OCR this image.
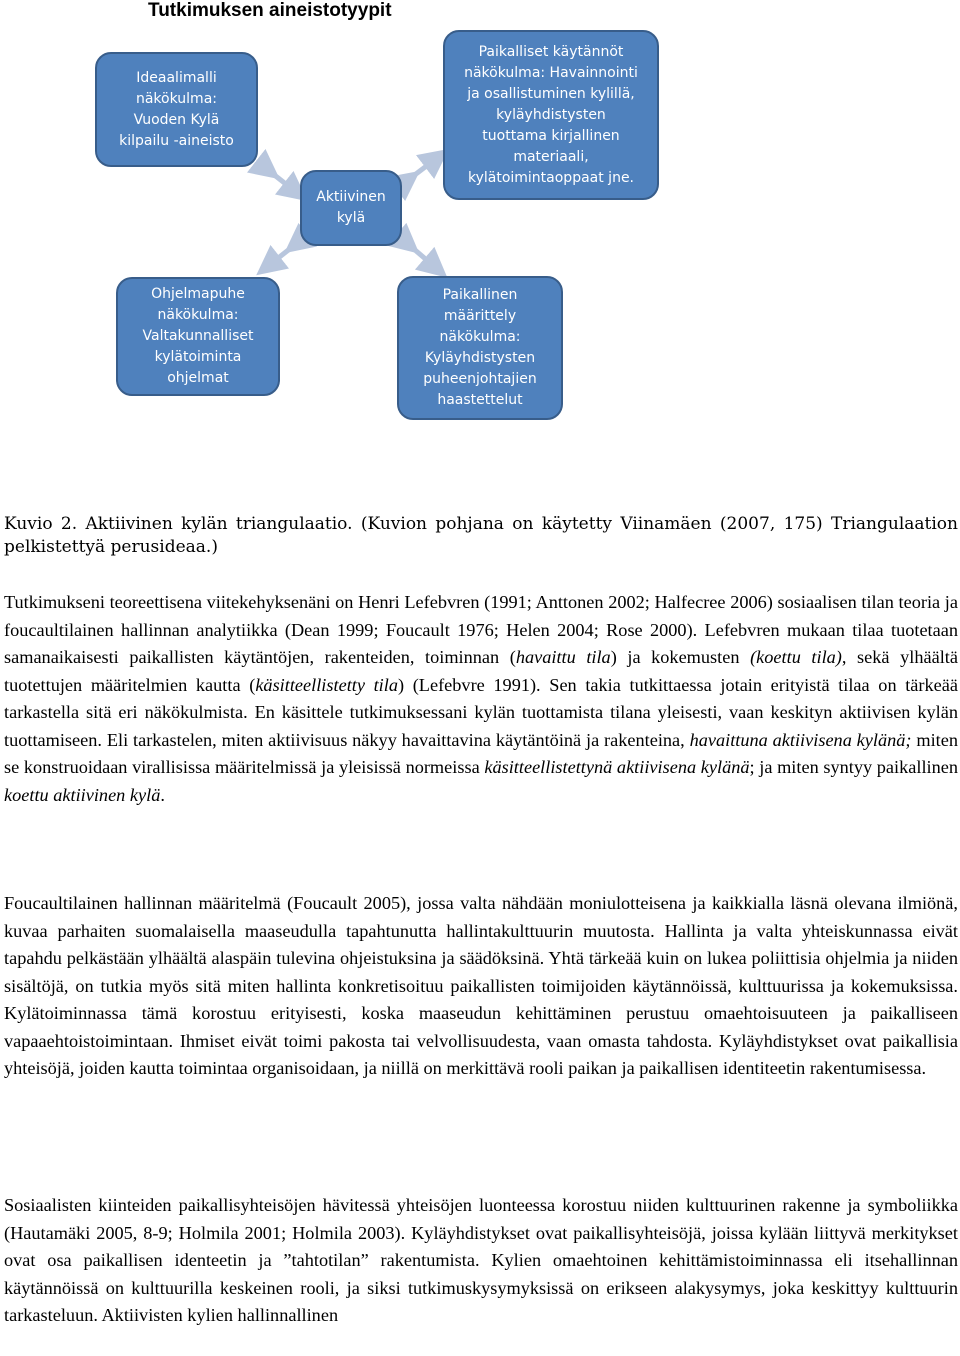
Tutkimuksen aineistotyypit
Ideaalimalli
näkökulma:
Vuoden Kylä
kilpailu -aineisto
Aktiivinen
kylä
Paikalliset käytännöt
näkökulma: Havainnointi
ja osallistuminen kylillä,
kyläyhdistysten
tuottama kirjallinen
materiaali,
kylätoimintaoppaat jne.
Ohjelmapuhe
näkökulma:
Valtakunnalliset
kylätoiminta
ohjelmat
Paikallinen
määrittely
näkökulma:
Kyläyhdistysten
puheenjohtajien
haastettelut
Kuvio 2. Aktiivinen kylän triangulaatio. (Kuvion pohjana on käytetty Viinamäen (2007, 175) Triangulaation pelkistettyä perusideaa.)

Tutkimukseni teoreettisena viitekehyksenäni on Henri Lefebvren (1991; Anttonen 2002; Halfecree 2006) sosiaalisen tilan teoria ja foucaultilainen hallinnan analytiikka (Dean 1999; Foucault 1976; Helen 2004; Rose 2000). Lefebvren mukaan tilaa tuotetaan samanaikaisesti paikallisten käytäntöjen, rakenteiden, toiminnan (havaittu tila) ja kokemusten (koettu tila), sekä ylhäältä tuotettujen määritelmien kautta (käsitteellistetty tila) (Lefebvre 1991). Sen takia tutkittaessa jotain erityistä tilaa on tärkeää tarkastella sitä eri näkökulmista. En käsittele tutkimuksessani kylän tuottamista tilana yleisesti, vaan keskityn aktiivisen kylän tuottamiseen. Eli tarkastelen, miten aktiivisuus näkyy havaittavina käytäntöinä ja rakenteina, havaittuna aktiivisena kylänä; miten se konstruoidaan virallisissa määritelmissä ja yleisissä normeissa käsitteellistettynä aktiivisena kylänä; ja miten syntyy paikallinen koettu aktiivinen kylä.

Foucaultilainen hallinnan määritelmä (Foucault 2005), jossa valta nähdään moniulotteisena ja kaikkialla läsnä olevana ilmiönä, kuvaa parhaiten suomalaisella maaseudulla tapahtunutta hallintakulttuurin muutosta. Hallinta ja valta yhteiskunnassa eivät tapahdu pelkästään ylhäältä alaspäin tulevina ohjeistuksina ja säädöksinä. Yhtä tärkeää kuin on lukea poliittisia ohjelmia ja niiden sisältöjä, on tutkia myös sitä miten hallinta konkretisoituu paikallisten toimijoiden käytännöissä, kulttuurissa ja kokemuksissa. Kylätoiminnassa tämä korostuu erityisesti, koska maaseudun kehittäminen perustuu omaehtoisuuteen ja paikalliseen vapaaehtoistoimintaan. Ihmiset eivät toimi pakosta tai velvollisuudesta, vaan omasta tahdosta. Kyläyhdistykset ovat paikallisia yhteisöjä, joiden kautta toimintaa organisoidaan, ja niillä on merkittävä rooli paikan ja paikallisen identiteetin rakentumisessa.

Sosiaalisten kiinteiden paikallisyhteisöjen hävitessä yhteisöjen luonteessa korostuu niiden kulttuurinen rakenne ja symboliikka (Hautamäki 2005, 8-9; Holmila 2001; Holmila 2003). Kyläyhdistykset ovat paikallisyhteisöjä, joissa kylään liittyvä merkitykset ovat osa paikallisen identeetin ja ”tahtotilan” rakentumista. Kylien omaehtoinen kehittämistoiminnassa eli itsehallinnan käytännöissä on kulttuurilla keskeinen rooli, ja siksi tutkimuskysymyksissä on erikseen alakysymys, joka keskittyy kulttuurin tarkasteluun. Aktiivisten kylien hallinnallinen
